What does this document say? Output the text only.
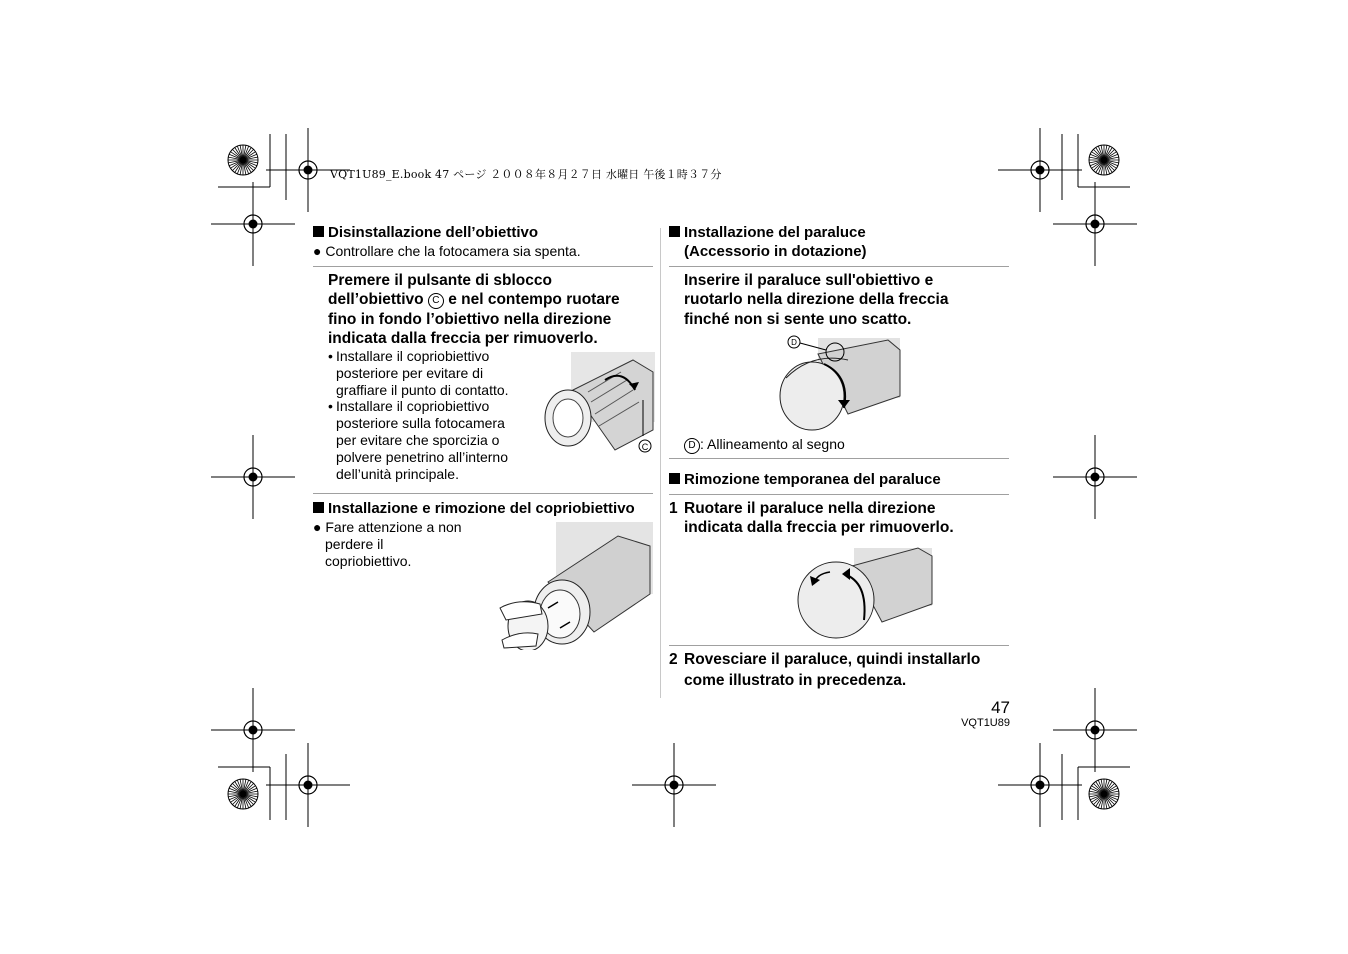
VQT1U89_E.book 47 ページ ２００８年８月２７日 水曜日 午後１時３７分
Disinstallazione dell’obiettivo
● Controllare che la fotocamera sia spenta.
Premere il pulsante di sblocco
dell’obiettivo C e nel contempo ruotare
fino in fondo l’obiettivo nella direzione
indicata dalla freccia per rimuoverlo.
• Installare il copriobiettivo
posteriore per evitare di
graffiare il punto di contatto.
• Installare il copriobiettivo
posteriore sulla fotocamera
per evitare che sporcizia o
polvere penetrino all’interno
dell’unità principale.
C
Installazione e rimozione del copriobiettivo
● Fare attenzione a non
perdere il
copriobiettivo.
Installazione del paraluce
(Accessorio in dotazione)
Inserire il paraluce sull'obiettivo e
ruotarlo nella direzione della freccia
finché non si sente uno scatto.
D
D : Allineamento al segno
Rimozione temporanea del paraluce
1 Ruotare il paraluce nella direzione
indicata dalla freccia per rimuoverlo.
2 Rovesciare il paraluce, quindi installarlo
come illustrato in precedenza.
47
VQT1U89
